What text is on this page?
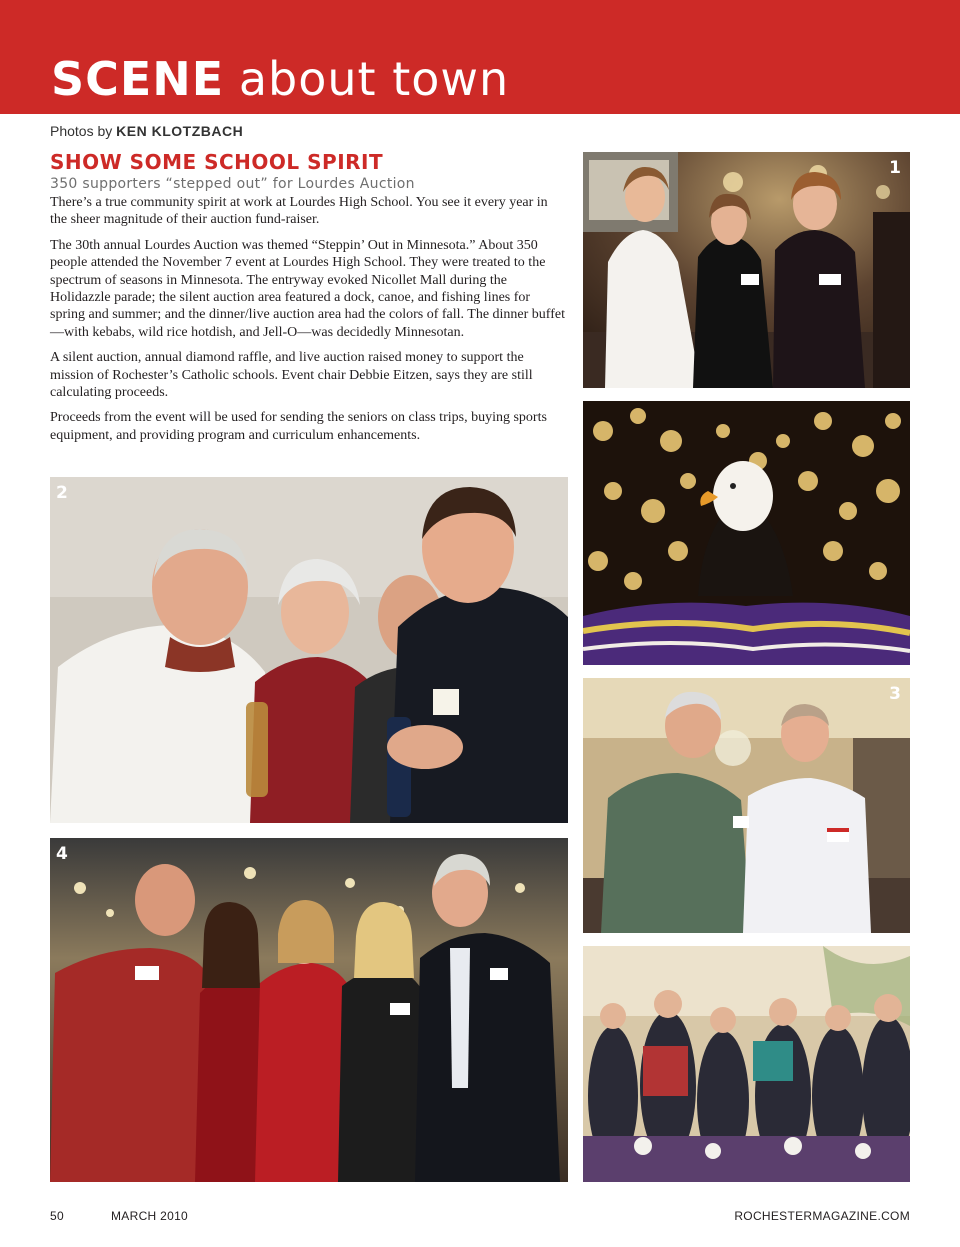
SCENE about town
Photos by KEN KLOTZBACH
SHOW SOME SCHOOL SPIRIT
350 supporters “stepped out” for Lourdes Auction

There’s a true community spirit at work at Lourdes High School. You see it every year in the sheer magnitude of their auction fund-raiser.

The 30th annual Lourdes Auction was themed “Steppin’ Out in Minnesota.” About 350 people attended the November 7 event at Lourdes High School. They were treated to the spectrum of seasons in Minnesota. The entryway evoked Nicollet Mall during the Holidazzle parade; the silent auction area featured a dock, canoe, and fishing lines for spring and summer; and the dinner/live auction area had the colors of fall. The dinner buffet—with kebabs, wild rice hotdish, and Jell-O—was decidedly Minnesotan.

A silent auction, annual diamond raffle, and live auction raised money to support the mission of Rochester’s Catholic schools. Event chair Debbie Eitzen, says they are still calculating proceeds.

Proceeds from the event will be used for sending the seniors on class trips, buying sports equipment, and providing program and curriculum enhancements.

1
3
2
4
50	MARCH 2010	ROCHESTERMAGAZINE.COM
